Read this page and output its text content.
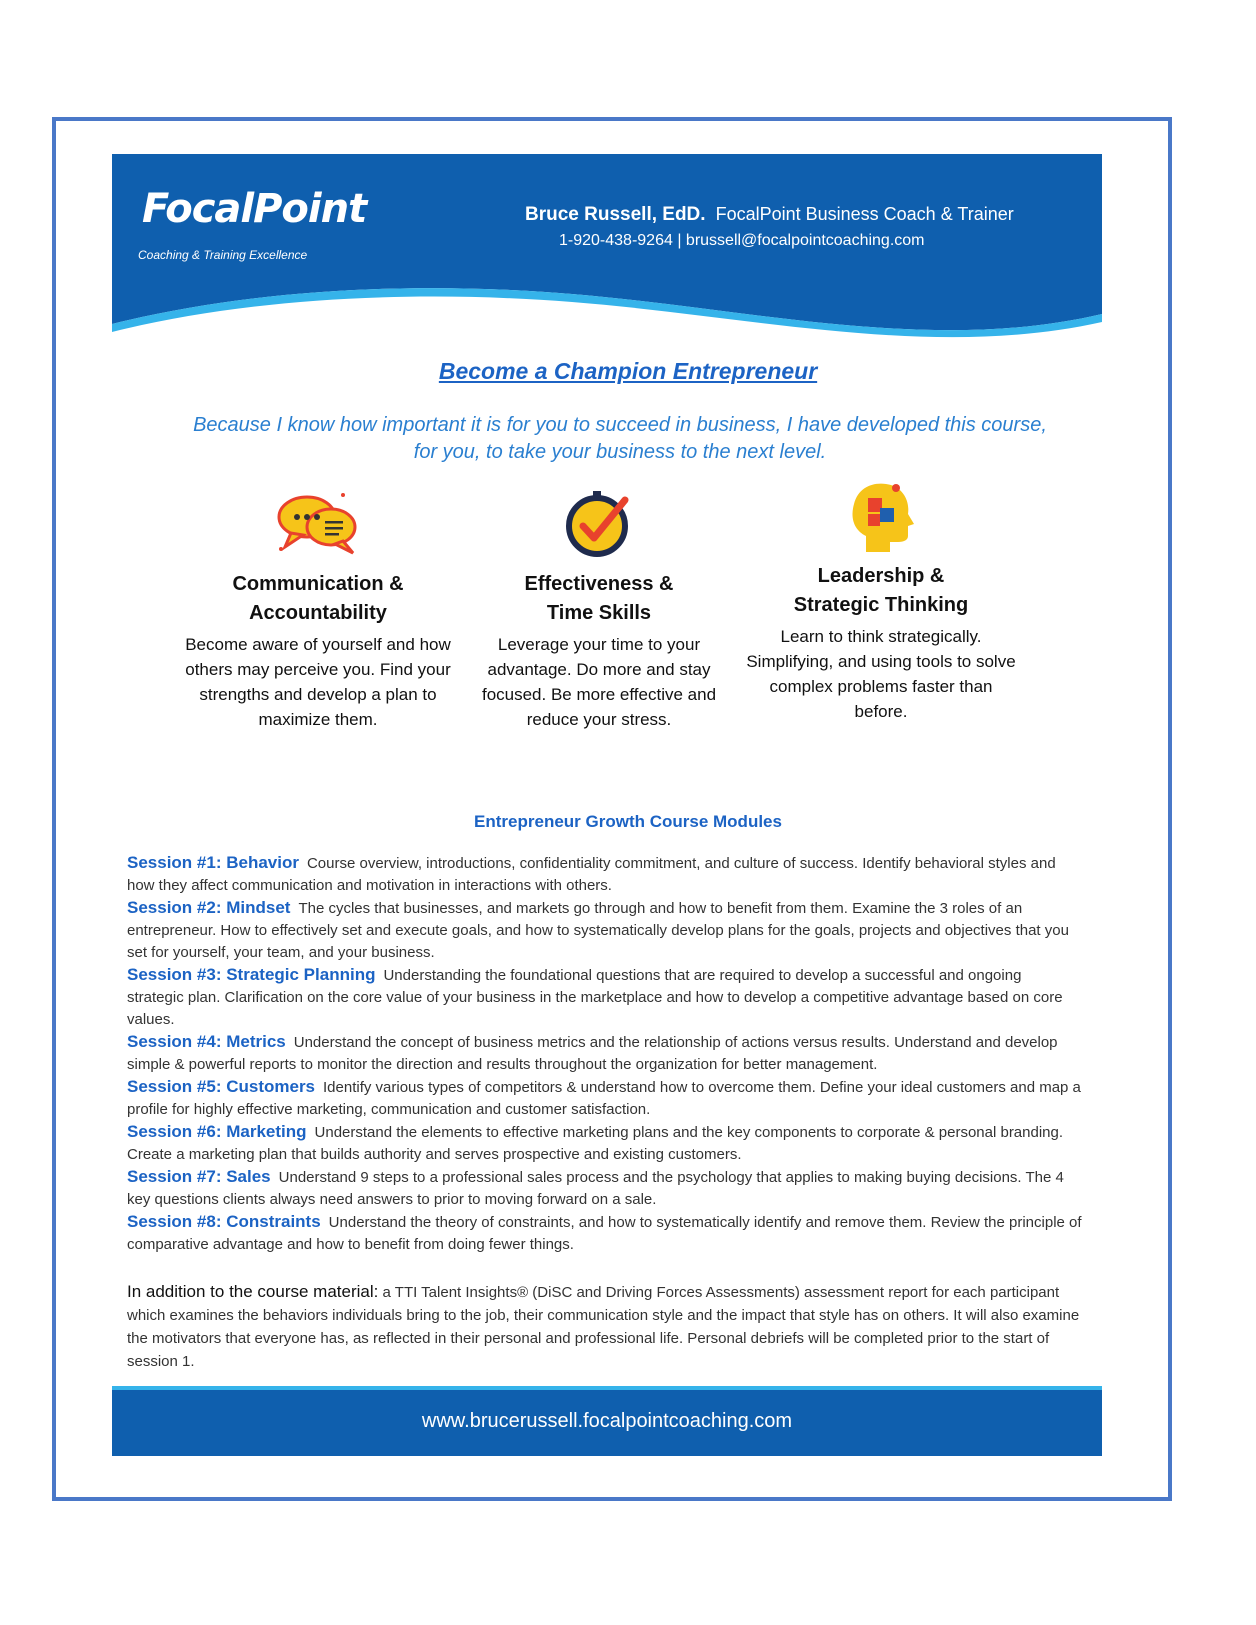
FocalPoint
Coaching & Training Excellence
Bruce Russell, EdD. FocalPoint Business Coach & Trainer
1-920-438-9264 | brussell@focalpointcoaching.com
Become a Champion Entrepreneur
Because I know how important it is for you to succeed in business, I have developed this course, for you, to take your business to the next level.
Communication &
Accountability

Become aware of yourself and how others may perceive you. Find your strengths and develop a plan to maximize them.

Effectiveness &
Time Skills

Leverage your time to your advantage. Do more and stay focused. Be more effective and reduce your stress.

Leadership &
Strategic Thinking

Learn to think strategically. Simplifying, and using tools to solve complex problems faster than before.

Entrepreneur Growth Course Modules
Session #1: Behavior Course overview, introductions, confidentiality commitment, and culture of success. Identify behavioral styles and how they affect communication and motivation in interactions with others.
Session #2: Mindset The cycles that businesses, and markets go through and how to benefit from them. Examine the 3 roles of an entrepreneur. How to effectively set and execute goals, and how to systematically develop plans for the goals, projects and objectives that you set for yourself, your team, and your business.
Session #3: Strategic Planning Understanding the foundational questions that are required to develop a successful and ongoing strategic plan. Clarification on the core value of your business in the marketplace and how to develop a competitive advantage based on core values.
Session #4: Metrics Understand the concept of business metrics and the relationship of actions versus results. Understand and develop simple & powerful reports to monitor the direction and results throughout the organization for better management.
Session #5: Customers Identify various types of competitors & understand how to overcome them. Define your ideal customers and map a profile for highly effective marketing, communication and customer satisfaction.
Session #6: Marketing Understand the elements to effective marketing plans and the key components to corporate & personal branding. Create a marketing plan that builds authority and serves prospective and existing customers.
Session #7: Sales Understand 9 steps to a professional sales process and the psychology that applies to making buying decisions. The 4 key questions clients always need answers to prior to moving forward on a sale.
Session #8: Constraints Understand the theory of constraints, and how to systematically identify and remove them. Review the principle of comparative advantage and how to benefit from doing fewer things.
In addition to the course material: a TTI Talent Insights® (DiSC and Driving Forces Assessments) assessment report for each participant which examines the behaviors individuals bring to the job, their communication style and the impact that style has on others. It will also examine the motivators that everyone has, as reflected in their personal and professional life. Personal debriefs will be completed prior to the start of session 1.
www.brucerussell.focalpointcoaching.com
